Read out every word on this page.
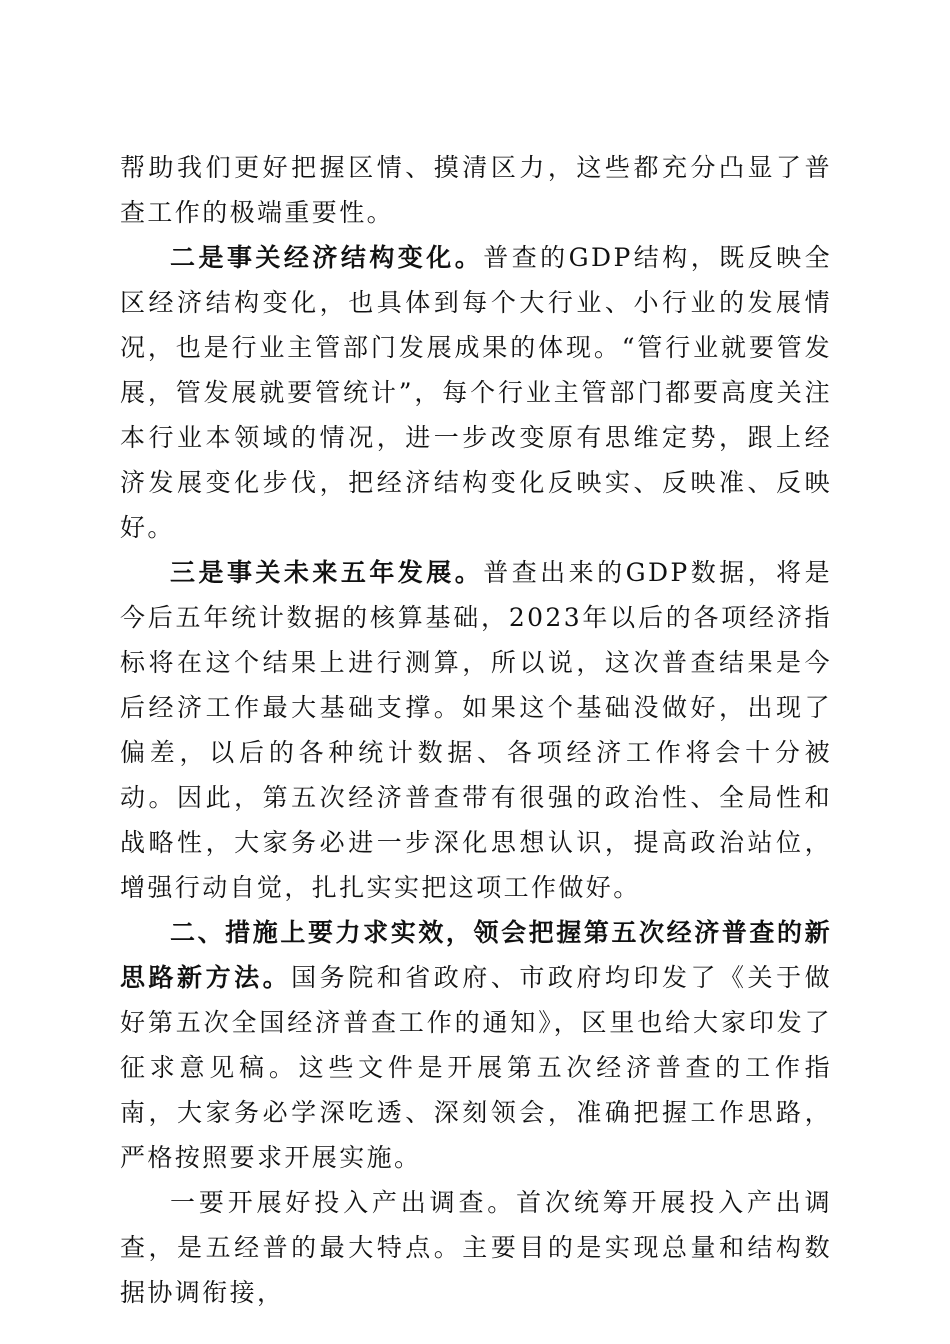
帮助我们更好把握区情、摸清区力，这些都充分凸显了普查工作的极端重要性。

二是事关经济结构变化。普查的GDP结构，既反映全区经济结构变化，也具体到每个大行业、小行业的发展情况，也是行业主管部门发展成果的体现。“管行业就要管发展，管发展就要管统计”，每个行业主管部门都要高度关注本行业本领域的情况，进一步改变原有思维定势，跟上经济发展变化步伐，把经济结构变化反映实、反映准、反映好。

三是事关未来五年发展。普查出来的GDP数据，将是今后五年统计数据的核算基础，2023年以后的各项经济指标将在这个结果上进行测算，所以说，这次普查结果是今后经济工作最大基础支撑。如果这个基础没做好，出现了偏差，以后的各种统计数据、各项经济工作将会十分被动。因此，第五次经济普查带有很强的政治性、全局性和战略性，大家务必进一步深化思想认识，提高政治站位，增强行动自觉，扎扎实实把这项工作做好。

二、措施上要力求实效，领会把握第五次经济普查的新思路新方法。国务院和省政府、市政府均印发了《关于做好第五次全国经济普查工作的通知》，区里也给大家印发了征求意见稿。这些文件是开展第五次经济普查的工作指南，大家务必学深吃透、深刻领会，准确把握工作思路，严格按照要求开展实施。

一要开展好投入产出调查。首次统筹开展投入产出调查，是五经普的最大特点。主要目的是实现总量和结构数据协调衔接，
